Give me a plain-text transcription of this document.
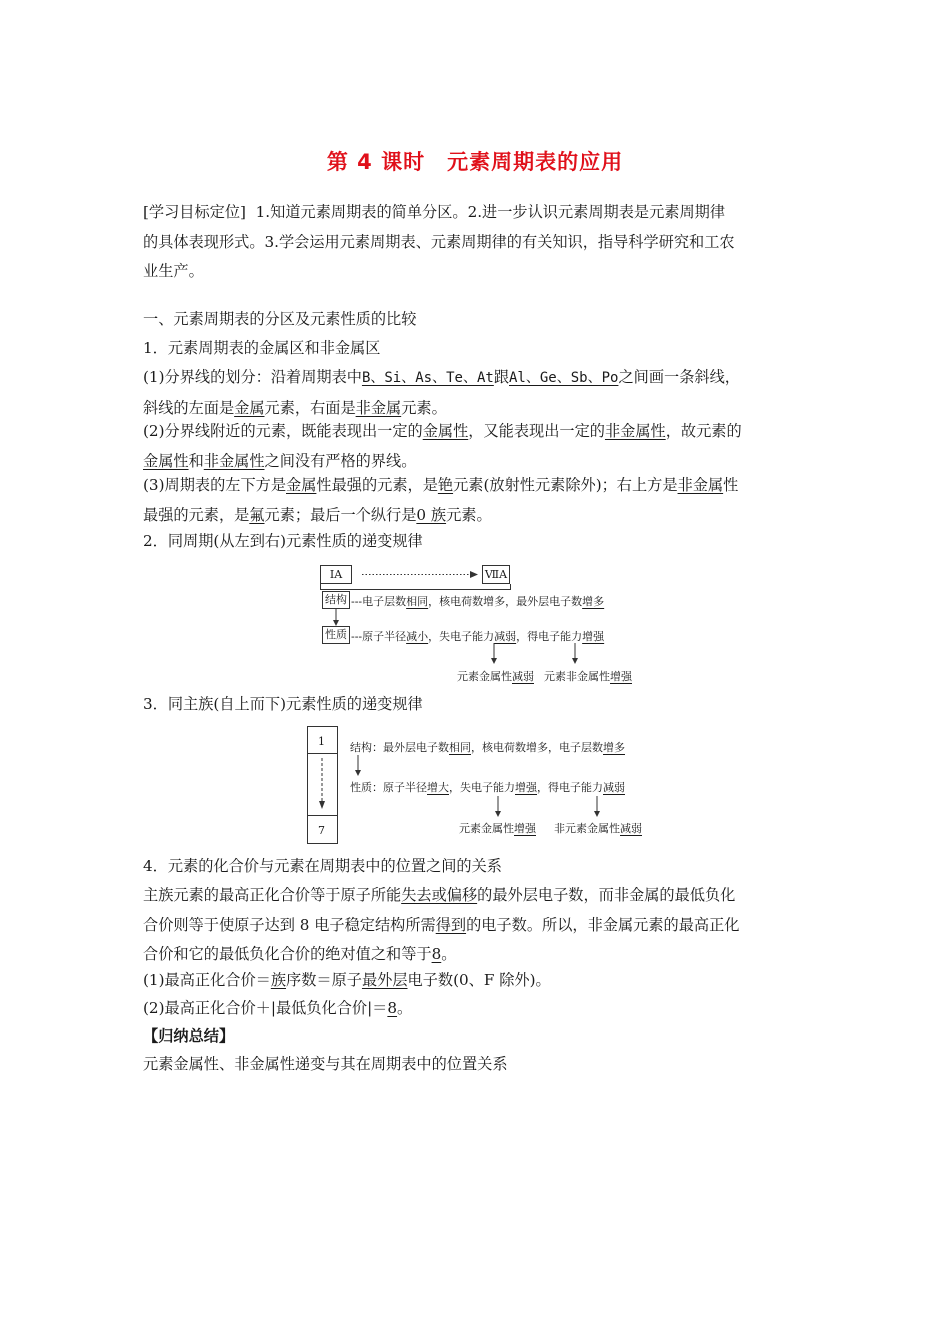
第 4 课时 元素周期表的应用
[学习目标定位] 1.知道元素周期表的简单分区。2.进一步认识元素周期表是元素周期律
的具体表现形式。3.学会运用元素周期表、元素周期律的有关知识，指导科学研究和工农
业生产。
一、元素周期表的分区及元素性质的比较
1．元素周期表的金属区和非金属区
(1)分界线的划分：沿着周期表中B、Si、As、Te、At跟Al、Ge、Sb、Po之间画一条斜线，
斜线的左面是金属元素，右面是非金属元素。
(2)分界线附近的元素，既能表现出一定的金属性，又能表现出一定的非金属性，故元素的
金属性和非金属性之间没有严格的界线。
(3)周期表的左下方是金属性最强的元素，是铯元素(放射性元素除外)；右上方是非金属性
最强的元素，是氟元素；最后一个纵行是0 族元素。
2．同周期(从左到右)元素性质的递变规律
ⅠA	ⅦA
结构 ---电子层数相同，核电荷数增多，最外层电子数增多
性质 ---原子半径减小，失电子能力减弱，得电子能力增强
元素金属性减弱 元素非金属性增强
3．同主族(自上而下)元素性质的递变规律
1
7
结构：最外层电子数相同，核电荷数增多，电子层数增多
性质：原子半径增大，失电子能力增强，得电子能力减弱
元素金属性增强 非元素金属性减弱
4．元素的化合价与元素在周期表中的位置之间的关系
主族元素的最高正化合价等于原子所能失去或偏移的最外层电子数，而非金属的最低负化
合价则等于使原子达到 8 电子稳定结构所需得到的电子数。所以，非金属元素的最高正化
合价和它的最低负化合价的绝对值之和等于8。
(1)最高正化合价＝族序数＝原子最外层电子数(0、F 除外)。
(2)最高正化合价＋|最低负化合价|＝8。
【归纳总结】
元素金属性、非金属性递变与其在周期表中的位置关系
